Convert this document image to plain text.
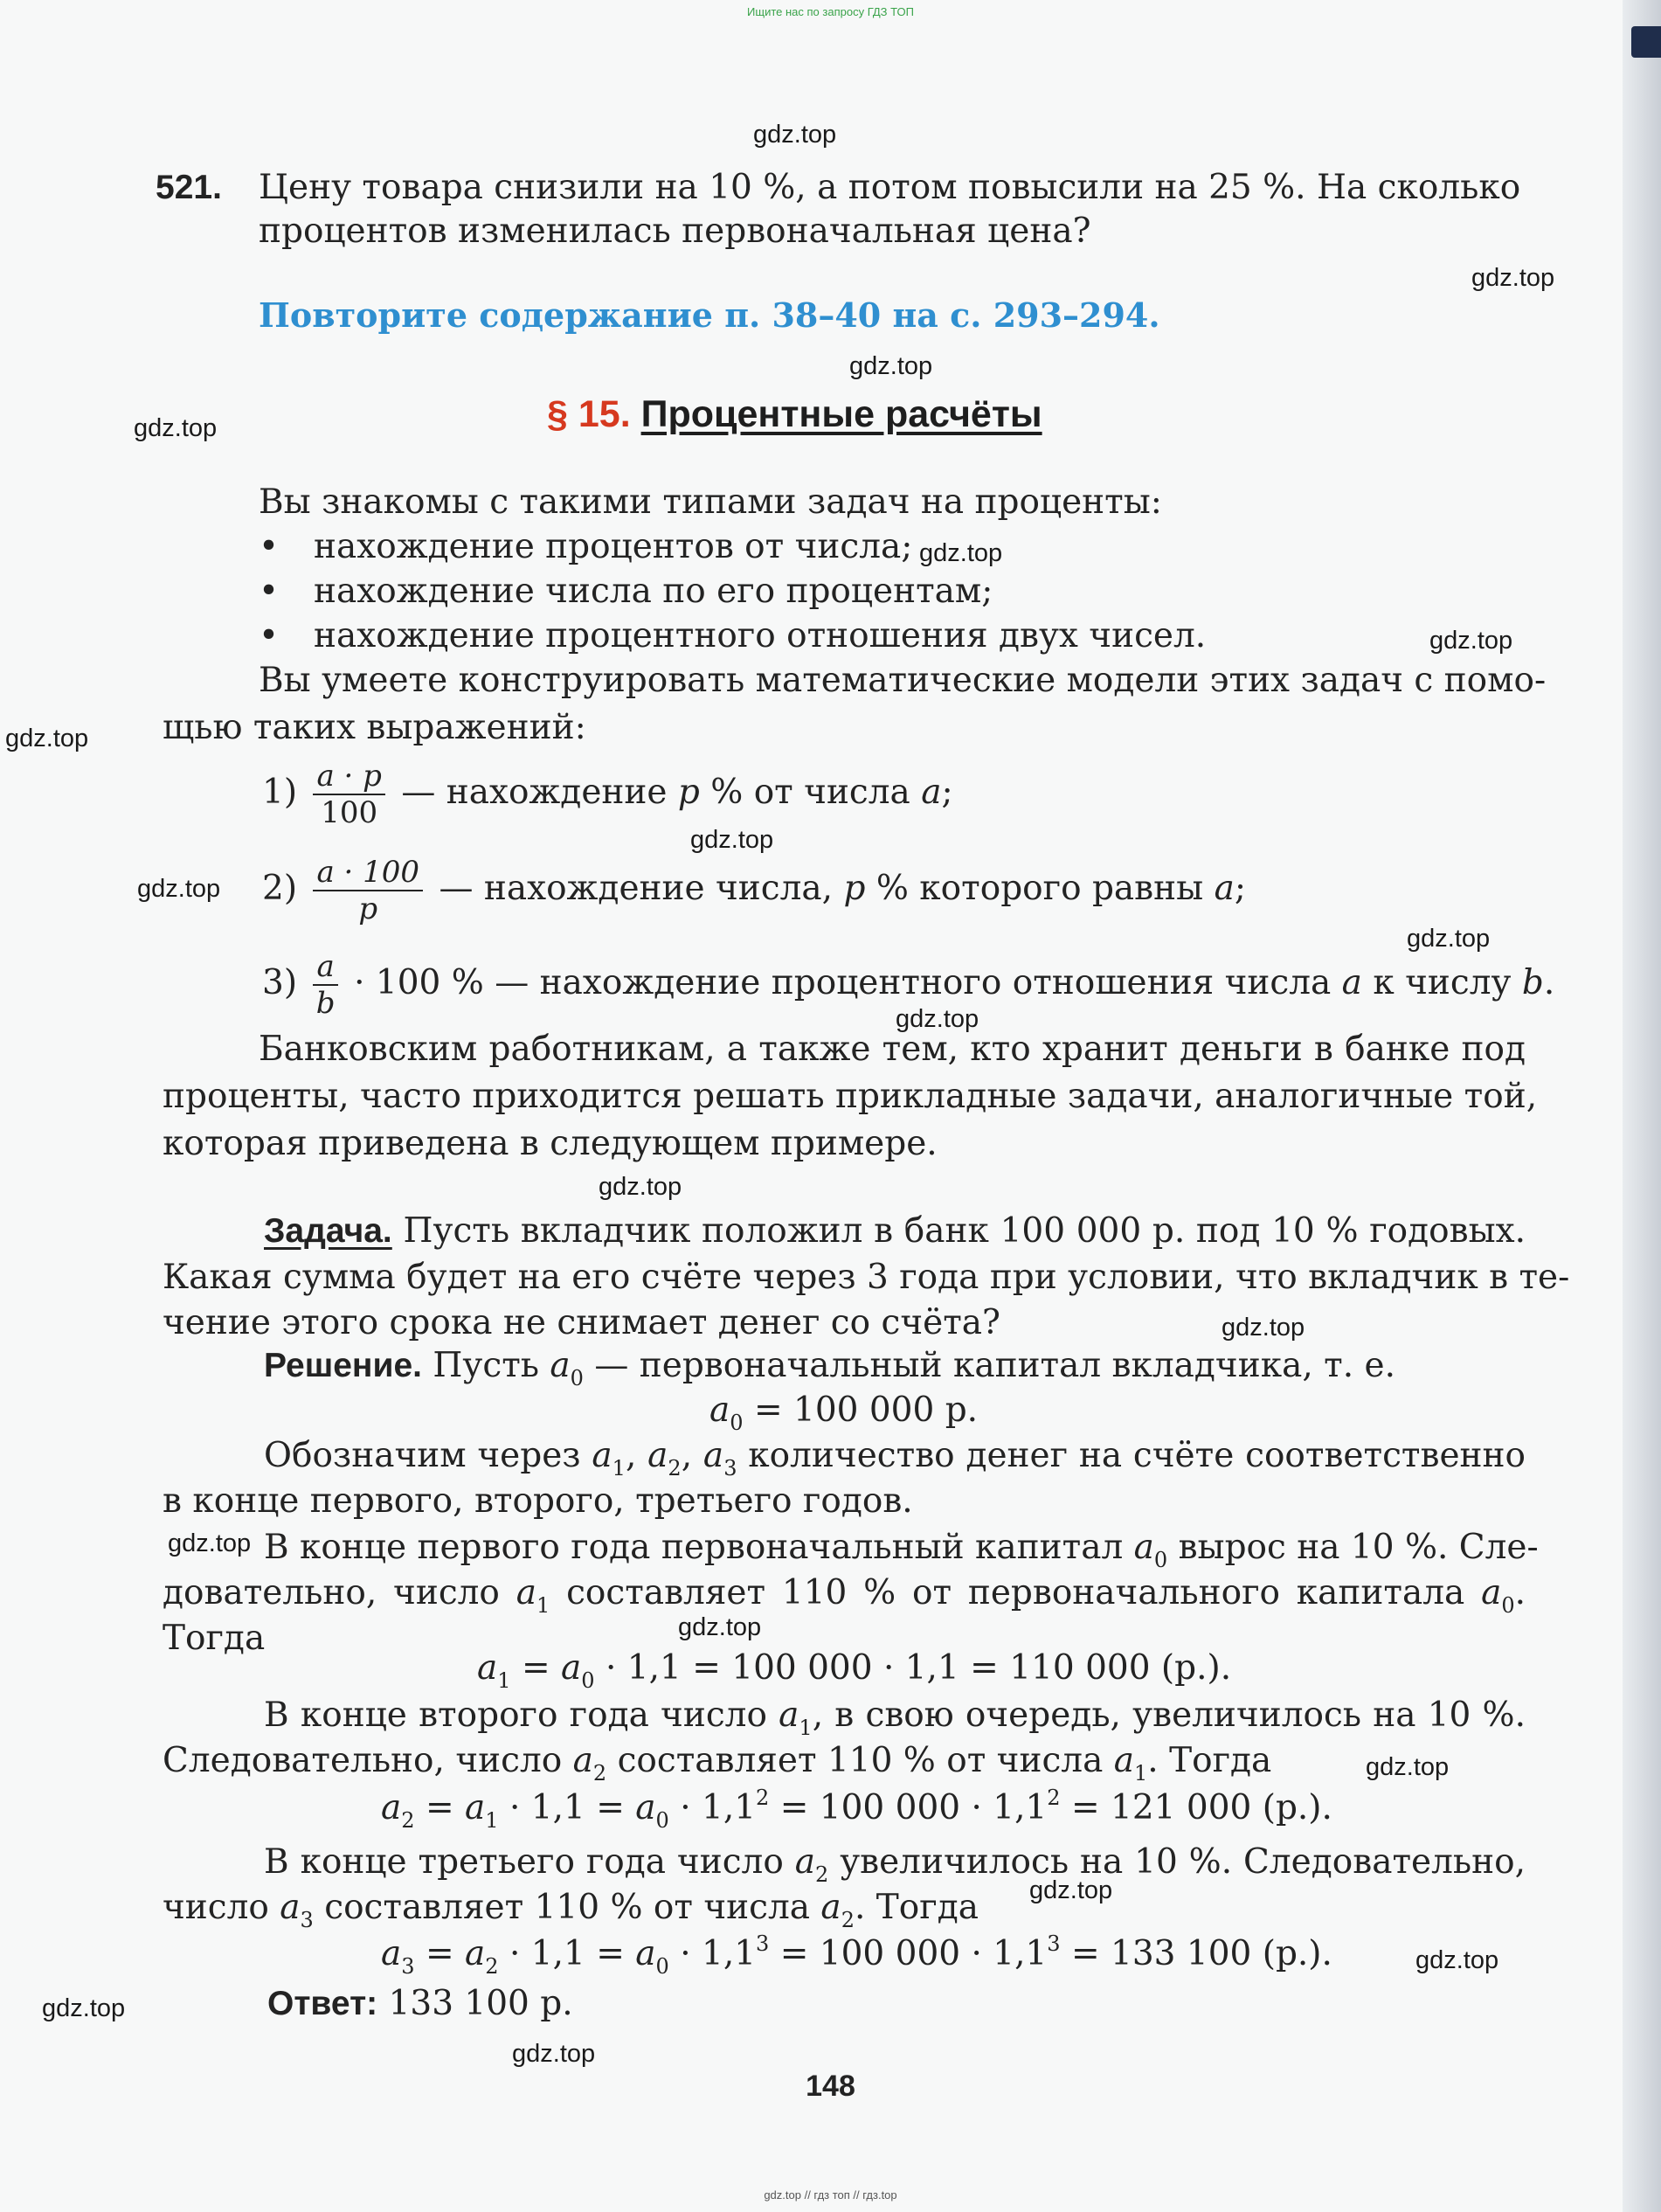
Ищите нас по запросу ГДЗ ТОП
gdz.top
gdz.top
gdz.top
gdz.top
gdz.top
gdz.top
gdz.top
gdz.top
gdz.top
gdz.top
gdz.top
gdz.top
gdz.top
gdz.top
gdz.top
gdz.top
gdz.top
gdz.top
gdz.top
gdz.top
521. Цену товара снизили на 10 %, а потом повысили на 25 %. На сколько
процентов изменилась первоначальная цена?
Повторите содержание п. 38–40 на с. 293–294.
§ 15. Процентные расчёты
Вы знакомы с такими типами задач на проценты:
• нахождение процентов от числа;
• нахождение числа по его процентам;
• нахождение процентного отношения двух чисел.
Вы умеете конструировать математические модели этих задач с помо-
щью таких выражений:
$1) \frac{a \cdot p}{100}$ — нахождение p % от числа a;
$2) \frac{a \cdot 100}{p}$ — нахождение числа, p % которого равны a;
$3) \frac{a}{b} \cdot 100$ % — нахождение процентного отношения числа a к числу b.
Банковским работникам, а также тем, кто хранит деньги в банке под
проценты, часто приходится решать прикладные задачи, аналогичные той,
которая приведена в следующем примере.
Задача. Пусть вкладчик положил в банк 100 000 р. под 10 % годовых.
Какая сумма будет на его счёте через 3 года при условии, что вкладчик в те-
чение этого срока не снимает денег со счёта?
Решение. Пусть $a_0$ — первоначальный капитал вкладчика, т. е.
$a_0 = 100$ 000 р.
Обозначим через $a_1$, $a_2$, $a_3$ количество денег на счёте соответственно
в конце первого, второго, третьего годов.
В конце первого года первоначальный капитал $a_0$ вырос на 10 %. Сле-
довательно, число $a_1$ составляет 110 % от первоначального капитала $a_0$.
Тогда
$a_1 = a_0 \cdot 1,1 = 100$ 000 · 1,1 = 110 000 (р.).
В конце второго года число $a_1$, в свою очередь, увеличилось на 10 %.
Следовательно, число $a_2$ составляет 110 % от числа $a_1$. Тогда
$a_2 = a_1 \cdot 1,1 = a_0 \cdot 1,1^2 = 100$ $000 \cdot 1,1^2 = 121$ 000 (р.).
В конце третьего года число $a_2$ увеличилось на 10 %. Следовательно,
число $a_3$ составляет 110 % от числа $a_2$. Тогда
$a_3 = a_2 \cdot 1,1 = a_0 \cdot 1,1^3 = 100$ $000 \cdot 1,1^3 = 133$ 100 (р.).
Ответ: 133 100 р.
148
gdz.top // гдз топ // гдз.top
